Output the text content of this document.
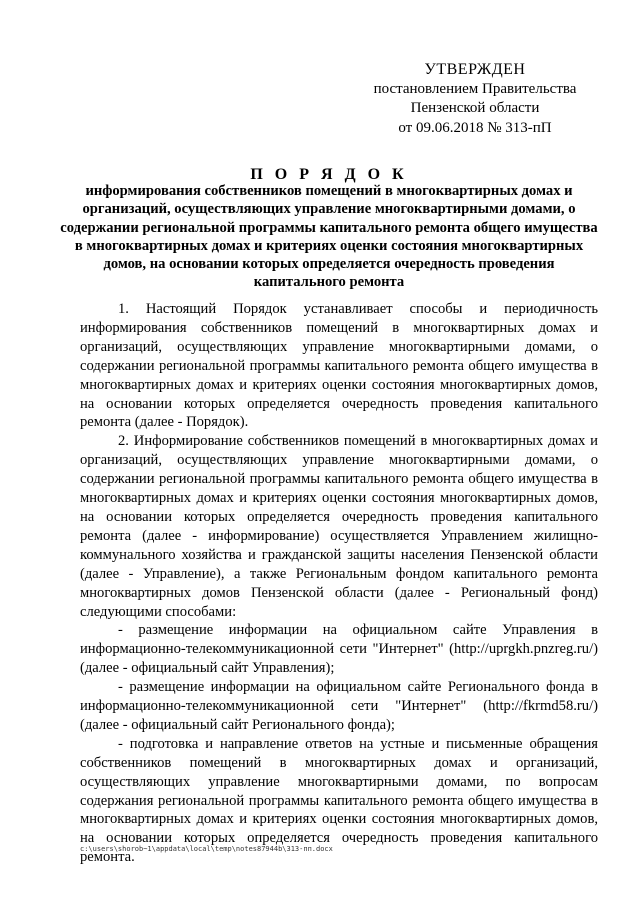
УТВЕРЖДЕН
постановлением Правительства
Пензенской области
от 09.06.2018 № 313-пП
П О Р Я Д О К
информирования собственников помещений в многоквартирных домах и организаций, осуществляющих управление многоквартирными домами, о содержании региональной программы капитального ремонта общего имущества в многоквартирных домах и критериях оценки состояния многоквартирных домов, на основании которых определяется очередность проведения капитального ремонта

1. Настоящий Порядок устанавливает способы и периодичность информирования собственников помещений в многоквартирных домах и организаций, осуществляющих управление многоквартирными домами, о содержании региональной программы капитального ремонта общего имущества в многоквартирных домах и критериях оценки состояния многоквартирных домов, на основании которых определяется очередность проведения капитального ремонта (далее - Порядок).

2. Информирование собственников помещений в многоквартирных домах и организаций, осуществляющих управление многоквартирными домами, о содержании региональной программы капитального ремонта общего имущества в многоквартирных домах и критериях оценки состояния многоквартирных домов, на основании которых определяется очередность проведения капитального ремонта (далее - информирование) осуществляется Управлением жилищно-коммунального хозяйства и гражданской защиты населения Пензенской области (далее - Управление), а также Региональным фондом капитального ремонта многоквартирных домов Пензенской области (далее - Региональный фонд) следующими способами:

- размещение информации на официальном сайте Управления в информационно-телекоммуникационной сети "Интернет" (http://uprgkh.pnzreg.ru/) (далее - официальный сайт Управления);

- размещение информации на официальном сайте Регионального фонда в информационно-телекоммуникационной сети "Интернет" (http://fkrmd58.ru/) (далее - официальный сайт Регионального фонда);

- подготовка и направление ответов на устные и письменные обращения собственников помещений в многоквартирных домах и организаций, осуществляющих управление многоквартирными домами, по вопросам содержания региональной программы капитального ремонта общего имущества в многоквартирных домах и критериях оценки состояния многоквартирных домов, на основании которых определяется очередность проведения капитального ремонта.

c:\users\shorob~1\appdata\local\temp\notes87944b\313-пп.docx
